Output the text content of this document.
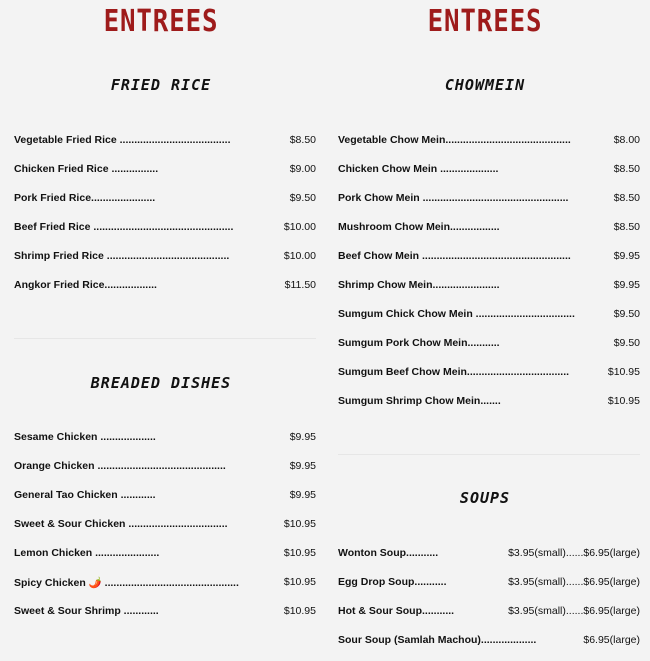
ENTREES
FRIED RICE
Vegetable Fried Rice ......................................	$8.50
Chicken Fried Rice ................	$9.00
Pork Fried Rice......................	$9.50
Beef Fried Rice ................................................	$10.00
Shrimp Fried Rice ..........................................	$10.00
Angkor Fried Rice..................	$11.50
BREADED DISHES
Sesame Chicken ...................	$9.95
Orange Chicken ............................................	$9.95
General Tao Chicken ............	$9.95
Sweet & Sour Chicken ..................................	$10.95
Lemon Chicken ......................	$10.95
Spicy Chicken 🌶️ ..............................................	$10.95
Sweet & Sour Shrimp ............	$10.95
ENTREES
CHOWMEIN
Vegetable Chow Mein...........................................	$8.00
Chicken Chow Mein ....................	$8.50
Pork Chow Mein ..................................................	$8.50
Mushroom Chow Mein.................	$8.50
Beef Chow Mein ...................................................	$9.95
Shrimp Chow Mein.......................	$9.95
Sumgum Chick Chow Mein ..................................	$9.50
Sumgum Pork Chow Mein...........	$9.50
Sumgum Beef Chow Mein...................................	$10.95
Sumgum Shrimp Chow Mein.......	$10.95
SOUPS
Wonton Soup...........	$3.95(small)......$6.95(large)
Egg Drop Soup...........	$3.95(small)......$6.95(large)
Hot & Sour Soup...........	$3.95(small)......$6.95(large)
Sour Soup (Samlah Machou)...................	$6.95(large)
